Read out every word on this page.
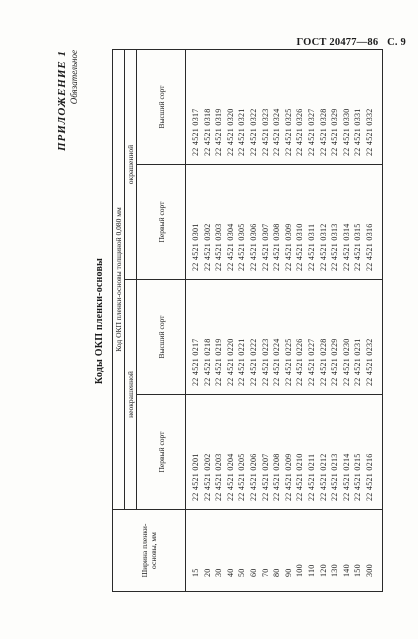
ГОСТ 20477—86 С. 9
ПРИЛОЖЕНИЕ 1 Обязательное
Коды ОКП пленки-основы
Ширина пленки-основы, мм	Код ОКП пленки-основы толщиной 0,080 мм			
	неокрашенной		окрашенной	
	Первый сорт	Высший сорт	Первый сорт	Высший сорт
15	22 4521 0201	22 4521 0217	22 4521 0301	22 4521 0317
20	22 4521 0202	22 4521 0218	22 4521 0302	22 4521 0318
30	22 4521 0203	22 4521 0219	22 4521 0303	22 4521 0319
40	22 4521 0204	22 4521 0220	22 4521 0304	22 4521 0320
50	22 4521 0205	22 4521 0221	22 4521 0305	22 4521 0321
60	22 4521 0206	22 4521 0222	22 4521 0306	22 4521 0322
70	22 4521 0207	22 4521 0223	22 4521 0307	22 4521 0323
80	22 4521 0208	22 4521 0224	22 4521 0308	22 4521 0324
90	22 4521 0209	22 4521 0225	22 4521 0309	22 4521 0325
100	22 4521 0210	22 4521 0226	22 4521 0310	22 4521 0326
110	22 4521 0211	22 4521 0227	22 4521 0311	22 4521 0327
120	22 4521 0212	22 4521 0228	22 4521 0312	22 4521 0328
130	22 4521 0213	22 4521 0229	22 4521 0313	22 4521 0329
140	22 4521 0214	22 4521 0230	22 4521 0314	22 4521 0330
150	22 4521 0215	22 4521 0231	22 4521 0315	22 4521 0331
300	22 4521 0216	22 4521 0232	22 4521 0316	22 4521 0332
